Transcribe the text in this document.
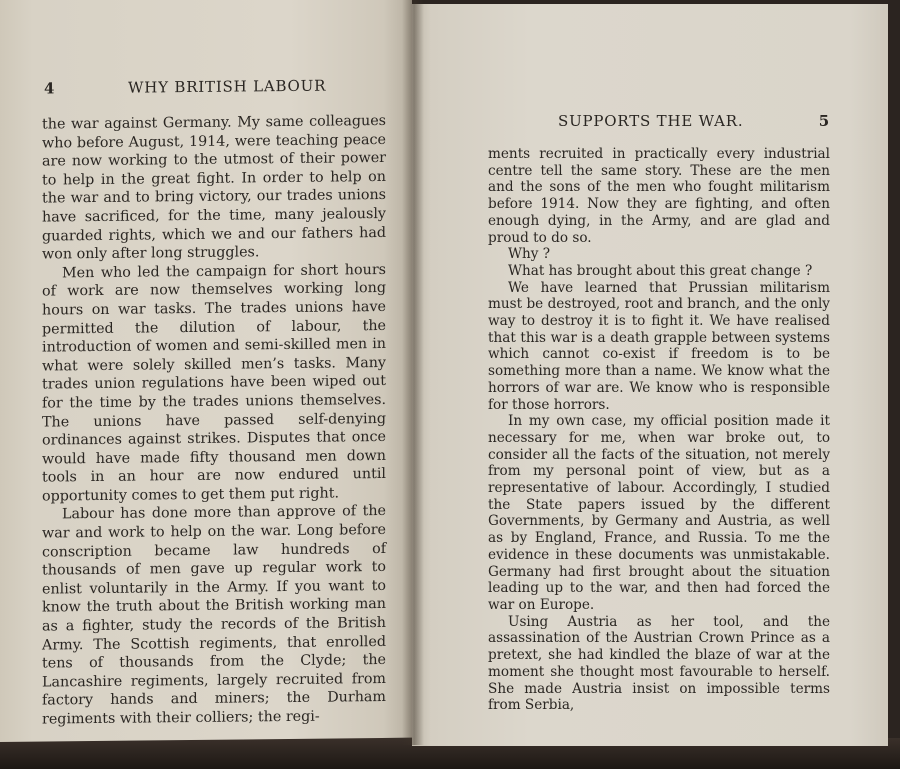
4	WHY BRITISH LABOUR

the war against Germany. My same colleagues who before August, 1914, were teaching peace are now working to the utmost of their power to help in the great fight. In order to help on the war and to bring victory, our trades unions have sacrificed, for the time, many jealously guarded rights, which we and our fathers had won only after long struggles.

Men who led the campaign for short hours of work are now themselves working long hours on war tasks. The trades unions have permitted the dilution of labour, the introduction of women and semi-skilled men in what were solely skilled men’s tasks. Many trades union regulations have been wiped out for the time by the trades unions themselves. The unions have passed self-denying ordinances against strikes. Disputes that once would have made fifty thousand men down tools in an hour are now endured until opportunity comes to get them put right.

Labour has done more than approve of the war and work to help on the war. Long before conscription became law hundreds of thousands of men gave up regular work to enlist voluntarily in the Army. If you want to know the truth about the British working man as a fighter, study the records of the British Army. The Scottish regiments, that enrolled tens of thousands from the Clyde; the Lancashire regiments, largely recruited from factory hands and miners; the Durham regiments with their colliers; the regi-

SUPPORTS THE WAR.	5

ments recruited in practically every industrial centre tell the same story. These are the men and the sons of the men who fought militarism before 1914. Now they are fighting, and often enough dying, in the Army, and are glad and proud to do so.

Why ?

What has brought about this great change ?

We have learned that Prussian militarism must be destroyed, root and branch, and the only way to destroy it is to fight it. We have realised that this war is a death grapple between systems which cannot co-exist if freedom is to be something more than a name. We know what the horrors of war are. We know who is responsible for those horrors.

In my own case, my official position made it necessary for me, when war broke out, to consider all the facts of the situation, not merely from my personal point of view, but as a representative of labour. Accordingly, I studied the State papers issued by the different Governments, by Germany and Austria, as well as by England, France, and Russia. To me the evidence in these documents was unmistakable. Germany had first brought about the situation leading up to the war, and then had forced the war on Europe.

Using Austria as her tool, and the assassination of the Austrian Crown Prince as a pretext, she had kindled the blaze of war at the moment she thought most favourable to herself. She made Austria insist on impossible terms from Serbia,
